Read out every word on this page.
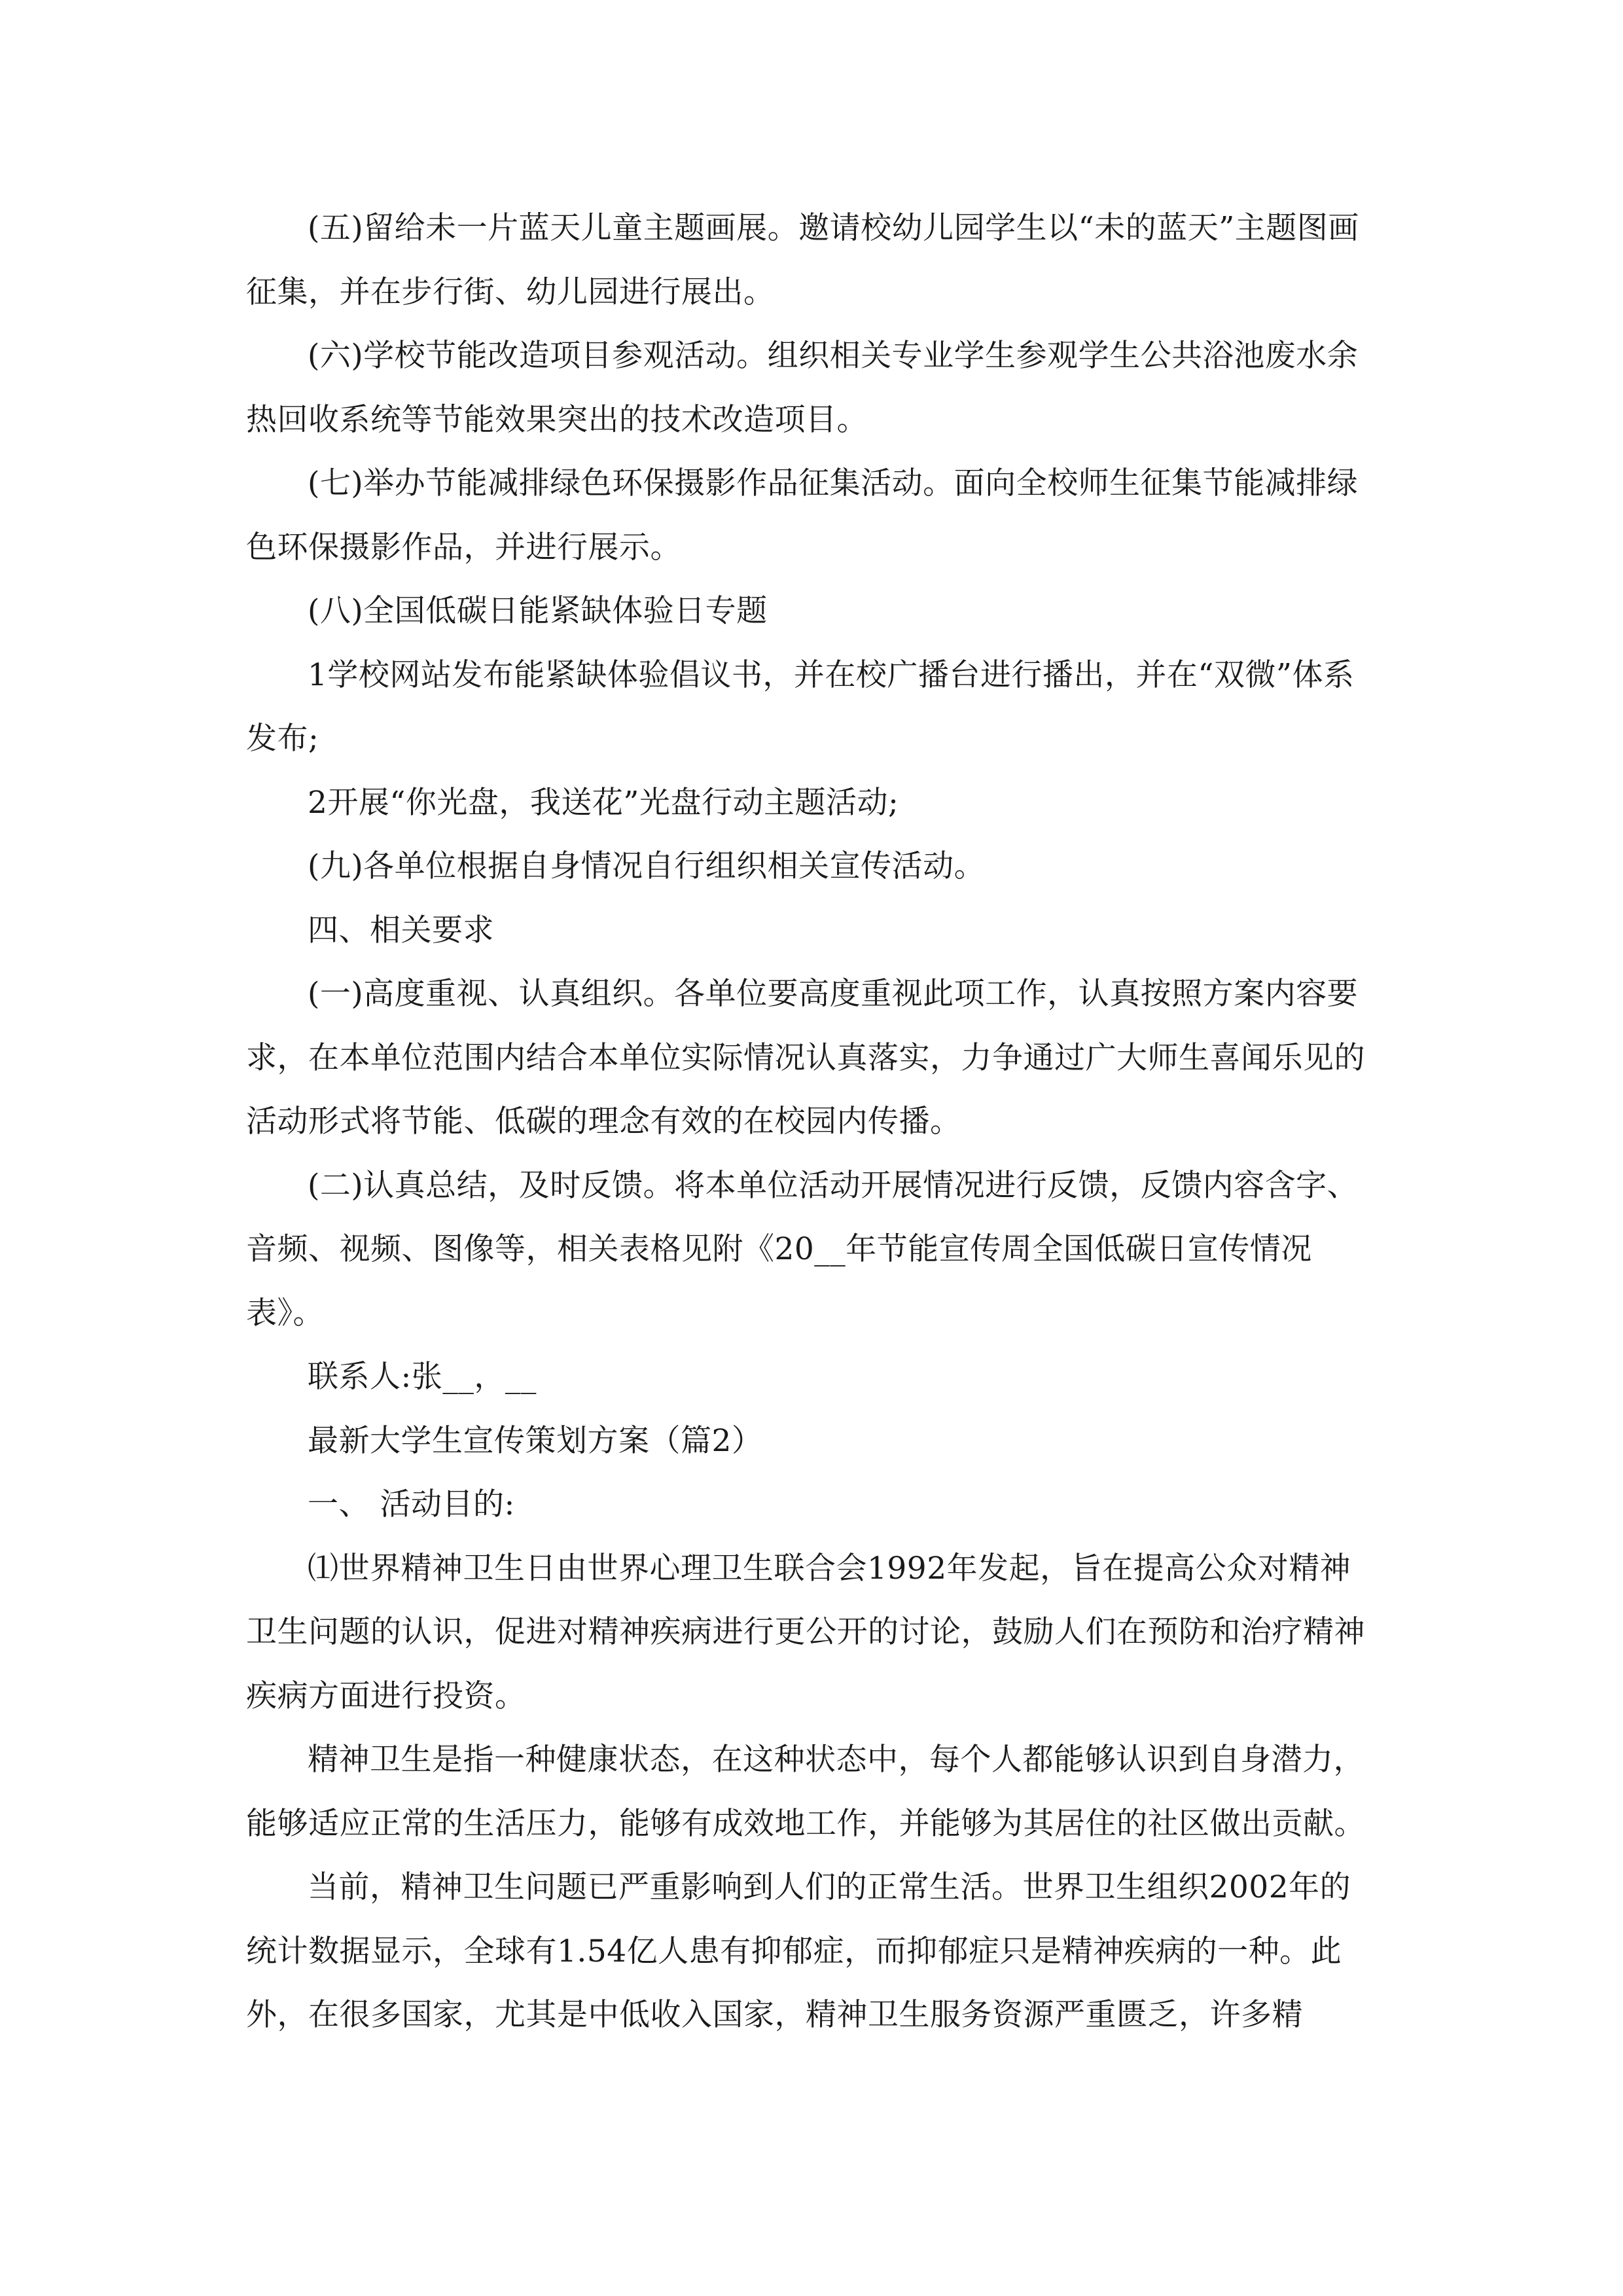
(五)留给未一片蓝天儿童主题画展。邀请校幼儿园学生以“未的蓝天”主题图画征集，并在步行街、幼儿园进行展出。

(六)学校节能改造项目参观活动。组织相关专业学生参观学生公共浴池废水余热回收系统等节能效果突出的技术改造项目。

(七)举办节能减排绿色环保摄影作品征集活动。面向全校师生征集节能减排绿色环保摄影作品，并进行展示。

(八)全国低碳日能紧缺体验日专题

1学校网站发布能紧缺体验倡议书，并在校广播台进行播出，并在“双微”体系发布;

2开展“你光盘，我送花”光盘行动主题活动;

(九)各单位根据自身情况自行组织相关宣传活动。

四、相关要求

(一)高度重视、认真组织。各单位要高度重视此项工作，认真按照方案内容要求，在本单位范围内结合本单位实际情况认真落实，力争通过广大师生喜闻乐见的活动形式将节能、低碳的理念有效的在校园内传播。

(二)认真总结，及时反馈。将本单位活动开展情况进行反馈，反馈内容含字、音频、视频、图像等，相关表格见附《20__年节能宣传周全国低碳日宣传情况表》。

联系人:张__，__

最新大学生宣传策划方案（篇2）

一、 活动目的:

⑴世界精神卫生日由世界心理卫生联合会1992年发起，旨在提高公众对精神卫生问题的认识，促进对精神疾病进行更公开的讨论，鼓励人们在预防和治疗精神疾病方面进行投资。

精神卫生是指一种健康状态，在这种状态中，每个人都能够认识到自身潜力，能够适应正常的生活压力，能够有成效地工作，并能够为其居住的社区做出贡献。

当前，精神卫生问题已严重影响到人们的正常生活。世界卫生组织2002年的统计数据显示，全球有1.54亿人患有抑郁症，而抑郁症只是精神疾病的一种。此外，在很多国家，尤其是中低收入国家，精神卫生服务资源严重匮乏，许多精
